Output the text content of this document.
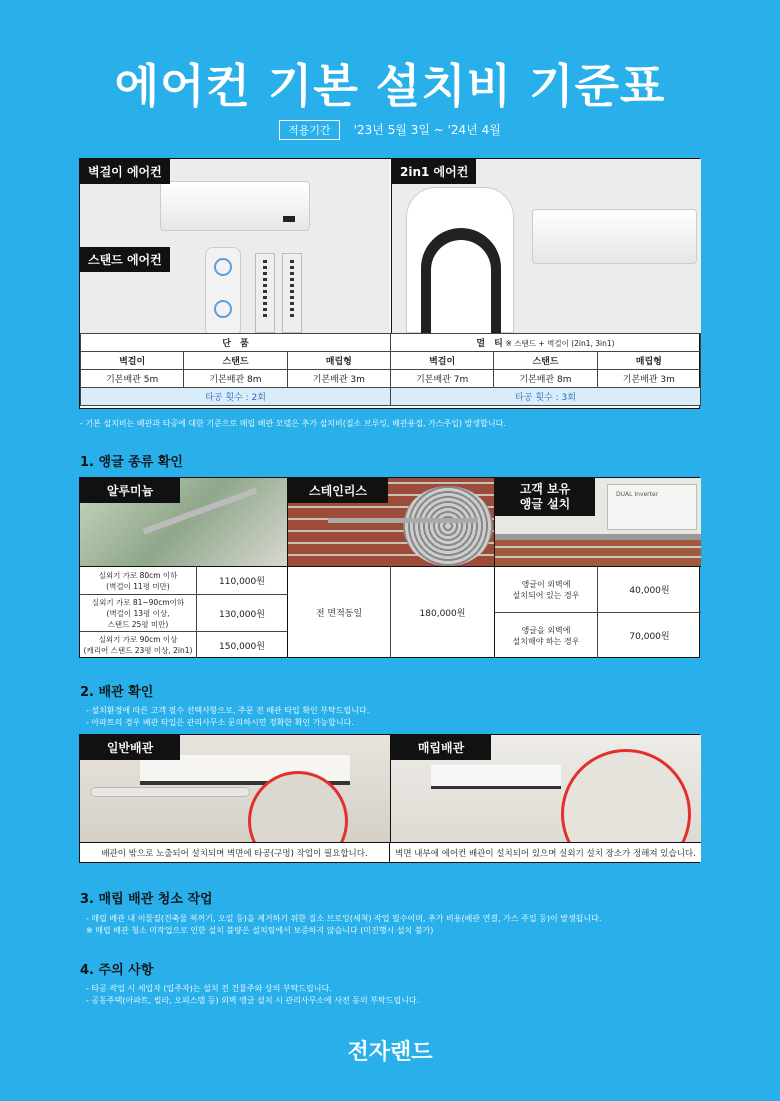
에어컨 기본 설치비 기준표
적용기간 '23년 5월 3일 ~ '24년 4월
벽걸이 에어컨
스탠드 에어컨
2in1 에어컨
단　품		
벽걸이	스탠드	매립형
기본배관 5m	기본배관 8m	기본배관 3m
타공 횟수 : 2회		
멀　티 ※ 스탠드 + 벽걸이 (2in1, 3in1)		
벽걸이	스탠드	매립형
기본배관 7m	기본배관 8m	기본배관 3m
타공 횟수 : 3회		
- 기본 설치비는 배관과 타공에 대한 기준으로 매립 배관 모델은 추가 설치비(질소 브루잉, 배관용접, 가스주입) 발생합니다.
1. 앵글 종류 확인
알루미늄	스테인리스	고객 보유
앵글 설치
DUAL Inverter
실외기 가로 80cm 이하
(벽걸이 11평 미만)	110,000원
실외기 가로 81~90cm이하
(벽걸이 13평 이상,
스탠드 25평 미만)
130,000원
실외기 가로 90cm 이상
(캐리어 스탠드 23평 이상, 2in1)	150,000원
전 면적동일	180,000원
앵글이 외벽에
설치되어 있는 경우	40,000원
앵글을 외벽에
설치해야 하는 경우	70,000원
2. 배관 확인
- 설치환경에 따른 고객 필수 선택사항으로, 주문 전 배관 타입 확인 부탁드립니다.
- 아파트의 경우 배관 타입은 관리사무소 문의하시면 정확한 확인 가능합니다.
일반배관	매립배관
배관이 밖으로 노출되어 설치되며 벽면에 타공(구멍) 작업이 필요합니다.	벽면 내부에 에어컨 배관이 설치되어 있으며 실외기 설치 장소가 정해져 있습니다.
3. 매립 배관 청소 작업
- 매립 배관 내 이물질(건축물 찌꺼기, 오일 등)을 제거하기 위한 질소 브로잉(세척) 작업 필수이며, 추가 비용(배관 연결, 가스 주입 등)이 발생됩니다.
※ 매립 배관 청소 미작업으로 인한 설치 불량은 설치팀에서 보증하지 않습니다 (미진행시 설치 불가)
4. 주의 사항
- 타공 작업 시 세입자 (입주자)는 설치 전 건물주와 상의 부탁드립니다.
- 공동주택(아파트, 빌라, 오피스텔 등) 외벽 앵글 설치 시 관리사무소에 사전 동의 부탁드립니다.
전자랜드
